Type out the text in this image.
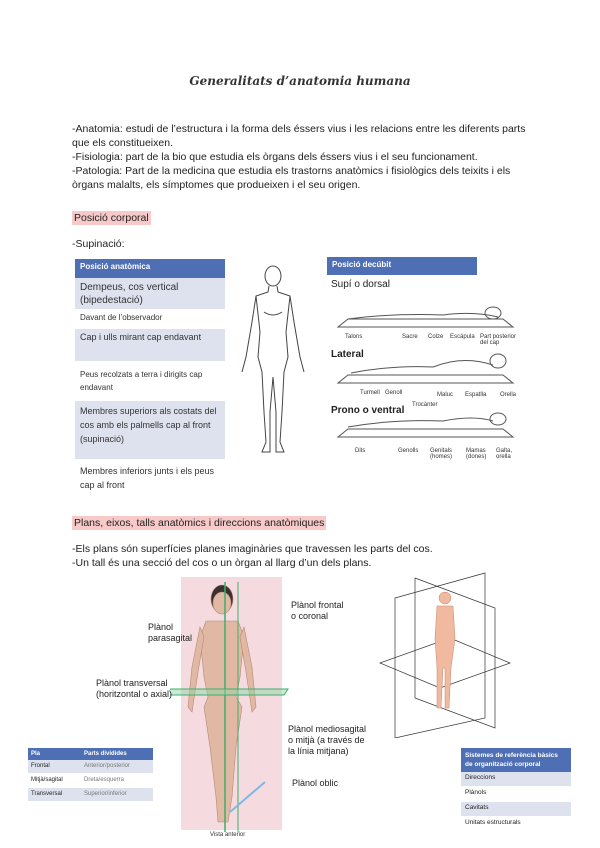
Generalitats d’anatomia humana
-Anatomia: estudi de l’estructura i la forma dels éssers vius i les relacions entre les diferents parts que els constitueixen.
-Fisiologia: part de la bio que estudia els òrgans dels éssers vius i el seu funcionament.
-Patologia: Part de la medicina que estudia els trastorns anatòmics i fisiològics dels teixits i els òrgans malalts, els símptomes que produeixen i el seu origen.
Posició corporal
-Supinació:
Posició anatòmica
Dempeus, cos vertical (bipedestació)
Davant de l’observador
Cap i ulls mirant cap endavant
Peus recolzats a terra i dirigits cap endavant
Membres superiors als costats del cos amb els palmells cap al front (supinació)
Membres inferiors junts i els peus cap al front
Posició decúbit
Supí o dorsal
Lateral
Prono o ventral
Talons	Sacre Colze Escàpula Part posterior del cap
Turmell Genoll
Trocànter
Espatlla Orella
Maluc
Dits	Genolls Genitals (homes)
Mamas (dones)
Galta, orella
Plans, eixos, talls anatòmics i direccions anatòmiques
-Els plans són superfícies planes imaginàries que travessen les parts del cos.
-Un tall és una secció del cos o un òrgan al llarg d’un dels plans.
Plànol frontal o coronal
Plànol parasagital
Plànol transversal (horitzontal o axial)
Plànol mediosagital o mitjà (a través de la línia mitjana)
Plànol oblic
Vista anterior
Pla	Parts dividides
Frontal	Anterior/posterior
Mitjà/sagital	Dreta/esquerra
Transversal	Superior/inferior
Sistemes de referència bàsics de organització corporal
Direccions
Plànols
Cavitats
Unitats estructurals
